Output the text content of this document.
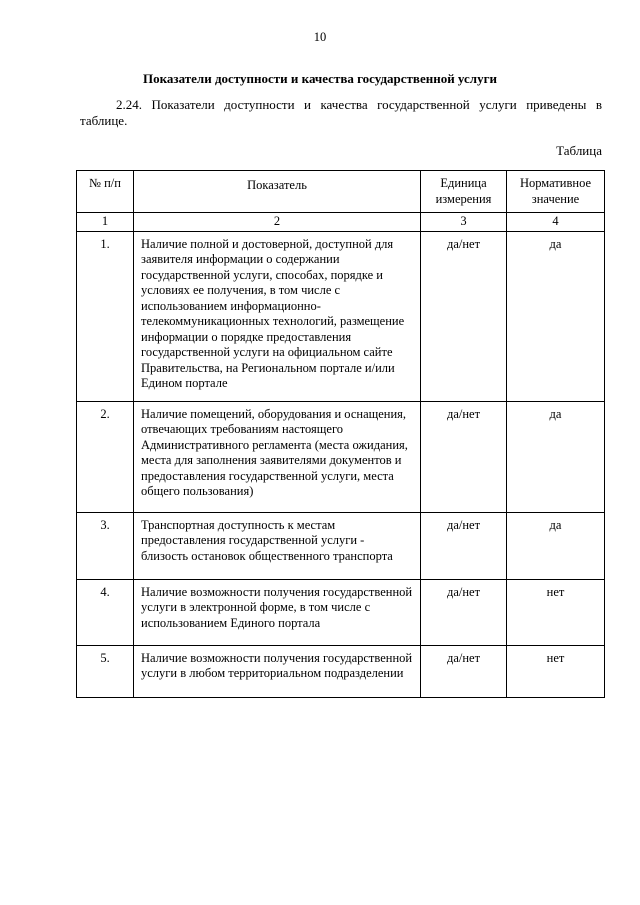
10
Показатели доступности и качества государственной услуги

2.24. Показатели доступности и качества государственной услуги приведены в таблице.

Таблица
№ п/п	Показатель	Единица измерения	Нормативное значение
1	2	3	4
1.	Наличие полной и достоверной, доступной для заявителя информации о содержании государственной услуги, способах, порядке и условиях ее получения, в том числе с использованием информационно-телекоммуникационных технологий, размещение информации о порядке предоставления государственной услуги на официальном сайте Правительства, на Региональном портале и/или Едином портале	да/нет	да
2.	Наличие помещений, оборудования и оснащения, отвечающих требованиям настоящего Административного регламента (места ожидания, места для заполнения заявителями документов и предоставления государственной услуги, места общего пользования)	да/нет	да
3.	Транспортная доступность к местам предоставления государственной услуги - близость остановок общественного транспорта	да/нет	да
4.	Наличие возможности получения государственной услуги в электронной форме, в том числе с использованием Единого портала	да/нет	нет
5.	Наличие возможности получения государственной услуги в любом территориальном подразделении	да/нет	нет
